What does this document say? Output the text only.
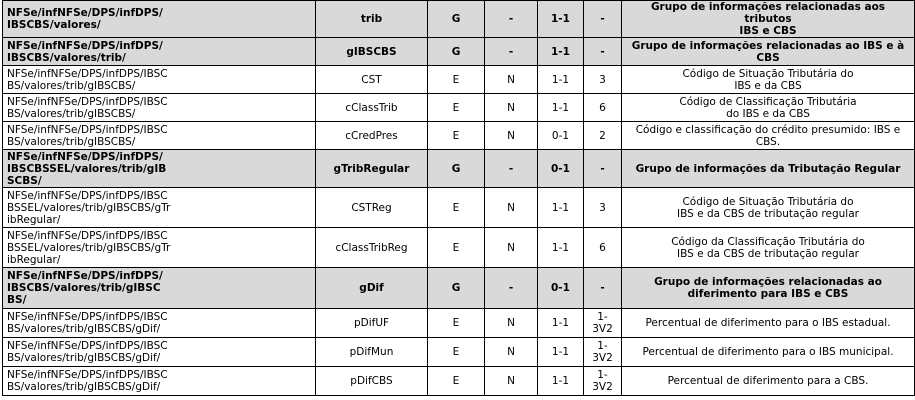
NFSe/infNFSe/DPS/infDPS/
IBSCBS/valores/	trib	G	-	1-1	-	Grupo de informações relacionadas aos tributos
IBS e CBS
NFSe/infNFSe/DPS/infDPS/
IBSCBS/valores/trib/	gIBSCBS	G	-	1-1	-	Grupo de informações relacionadas ao IBS e à
CBS
NFSe/infNFSe/DPS/infDPS/IBSC
BS/valores/trib/gIBSCBS/	CST	E	N	1-1	3	Código de Situação Tributária do
IBS e da CBS
NFSe/infNFSe/DPS/infDPS/IBSC
BS/valores/trib/gIBSCBS/	cClassTrib	E	N	1-1	6	Código de Classificação Tributária
do IBS e da CBS
NFSe/infNFSe/DPS/infDPS/IBSC
BS/valores/trib/gIBSCBS/	cCredPres	E	N	0-1	2	Código e classificação do crédito presumido: IBS e
CBS.
NFSe/infNFSe/DPS/infDPS/
IBSCBSSEL/valores/trib/gIB
SCBS/	gTribRegular	G	-	0-1	-	Grupo de informações da Tributação Regular
NFSe/infNFSe/DPS/infDPS/IBSC
BSSEL/valores/trib/gIBSCBS/gTr
ibRegular/	CSTReg	E	N	1-1	3	Código de Situação Tributária do
IBS e da CBS de tributação regular
NFSe/infNFSe/DPS/infDPS/IBSC
BSSEL/valores/trib/gIBSCBS/gTr
ibRegular/	cClassTribReg	E	N	1-1	6	Código da Classificação Tributária do
IBS e da CBS de tributação regular
NFSe/infNFSe/DPS/infDPS/
IBSCBS/valores/trib/gIBSC
BS/	gDif	G	-	0-1	-	Grupo de informações relacionadas ao
diferimento para IBS e CBS
NFSe/infNFSe/DPS/infDPS/IBSC
BS/valores/trib/gIBSCBS/gDif/	pDifUF	E	N	1-1	1-
3V2	Percentual de diferimento para o IBS estadual.
NFSe/infNFSe/DPS/infDPS/IBSC
BS/valores/trib/gIBSCBS/gDif/	pDifMun	E	N	1-1	1-
3V2	Percentual de diferimento para o IBS municipal.
NFSe/infNFSe/DPS/infDPS/IBSC
BS/valores/trib/gIBSCBS/gDif/	pDifCBS	E	N	1-1	1-
3V2	Percentual de diferimento para a CBS.
